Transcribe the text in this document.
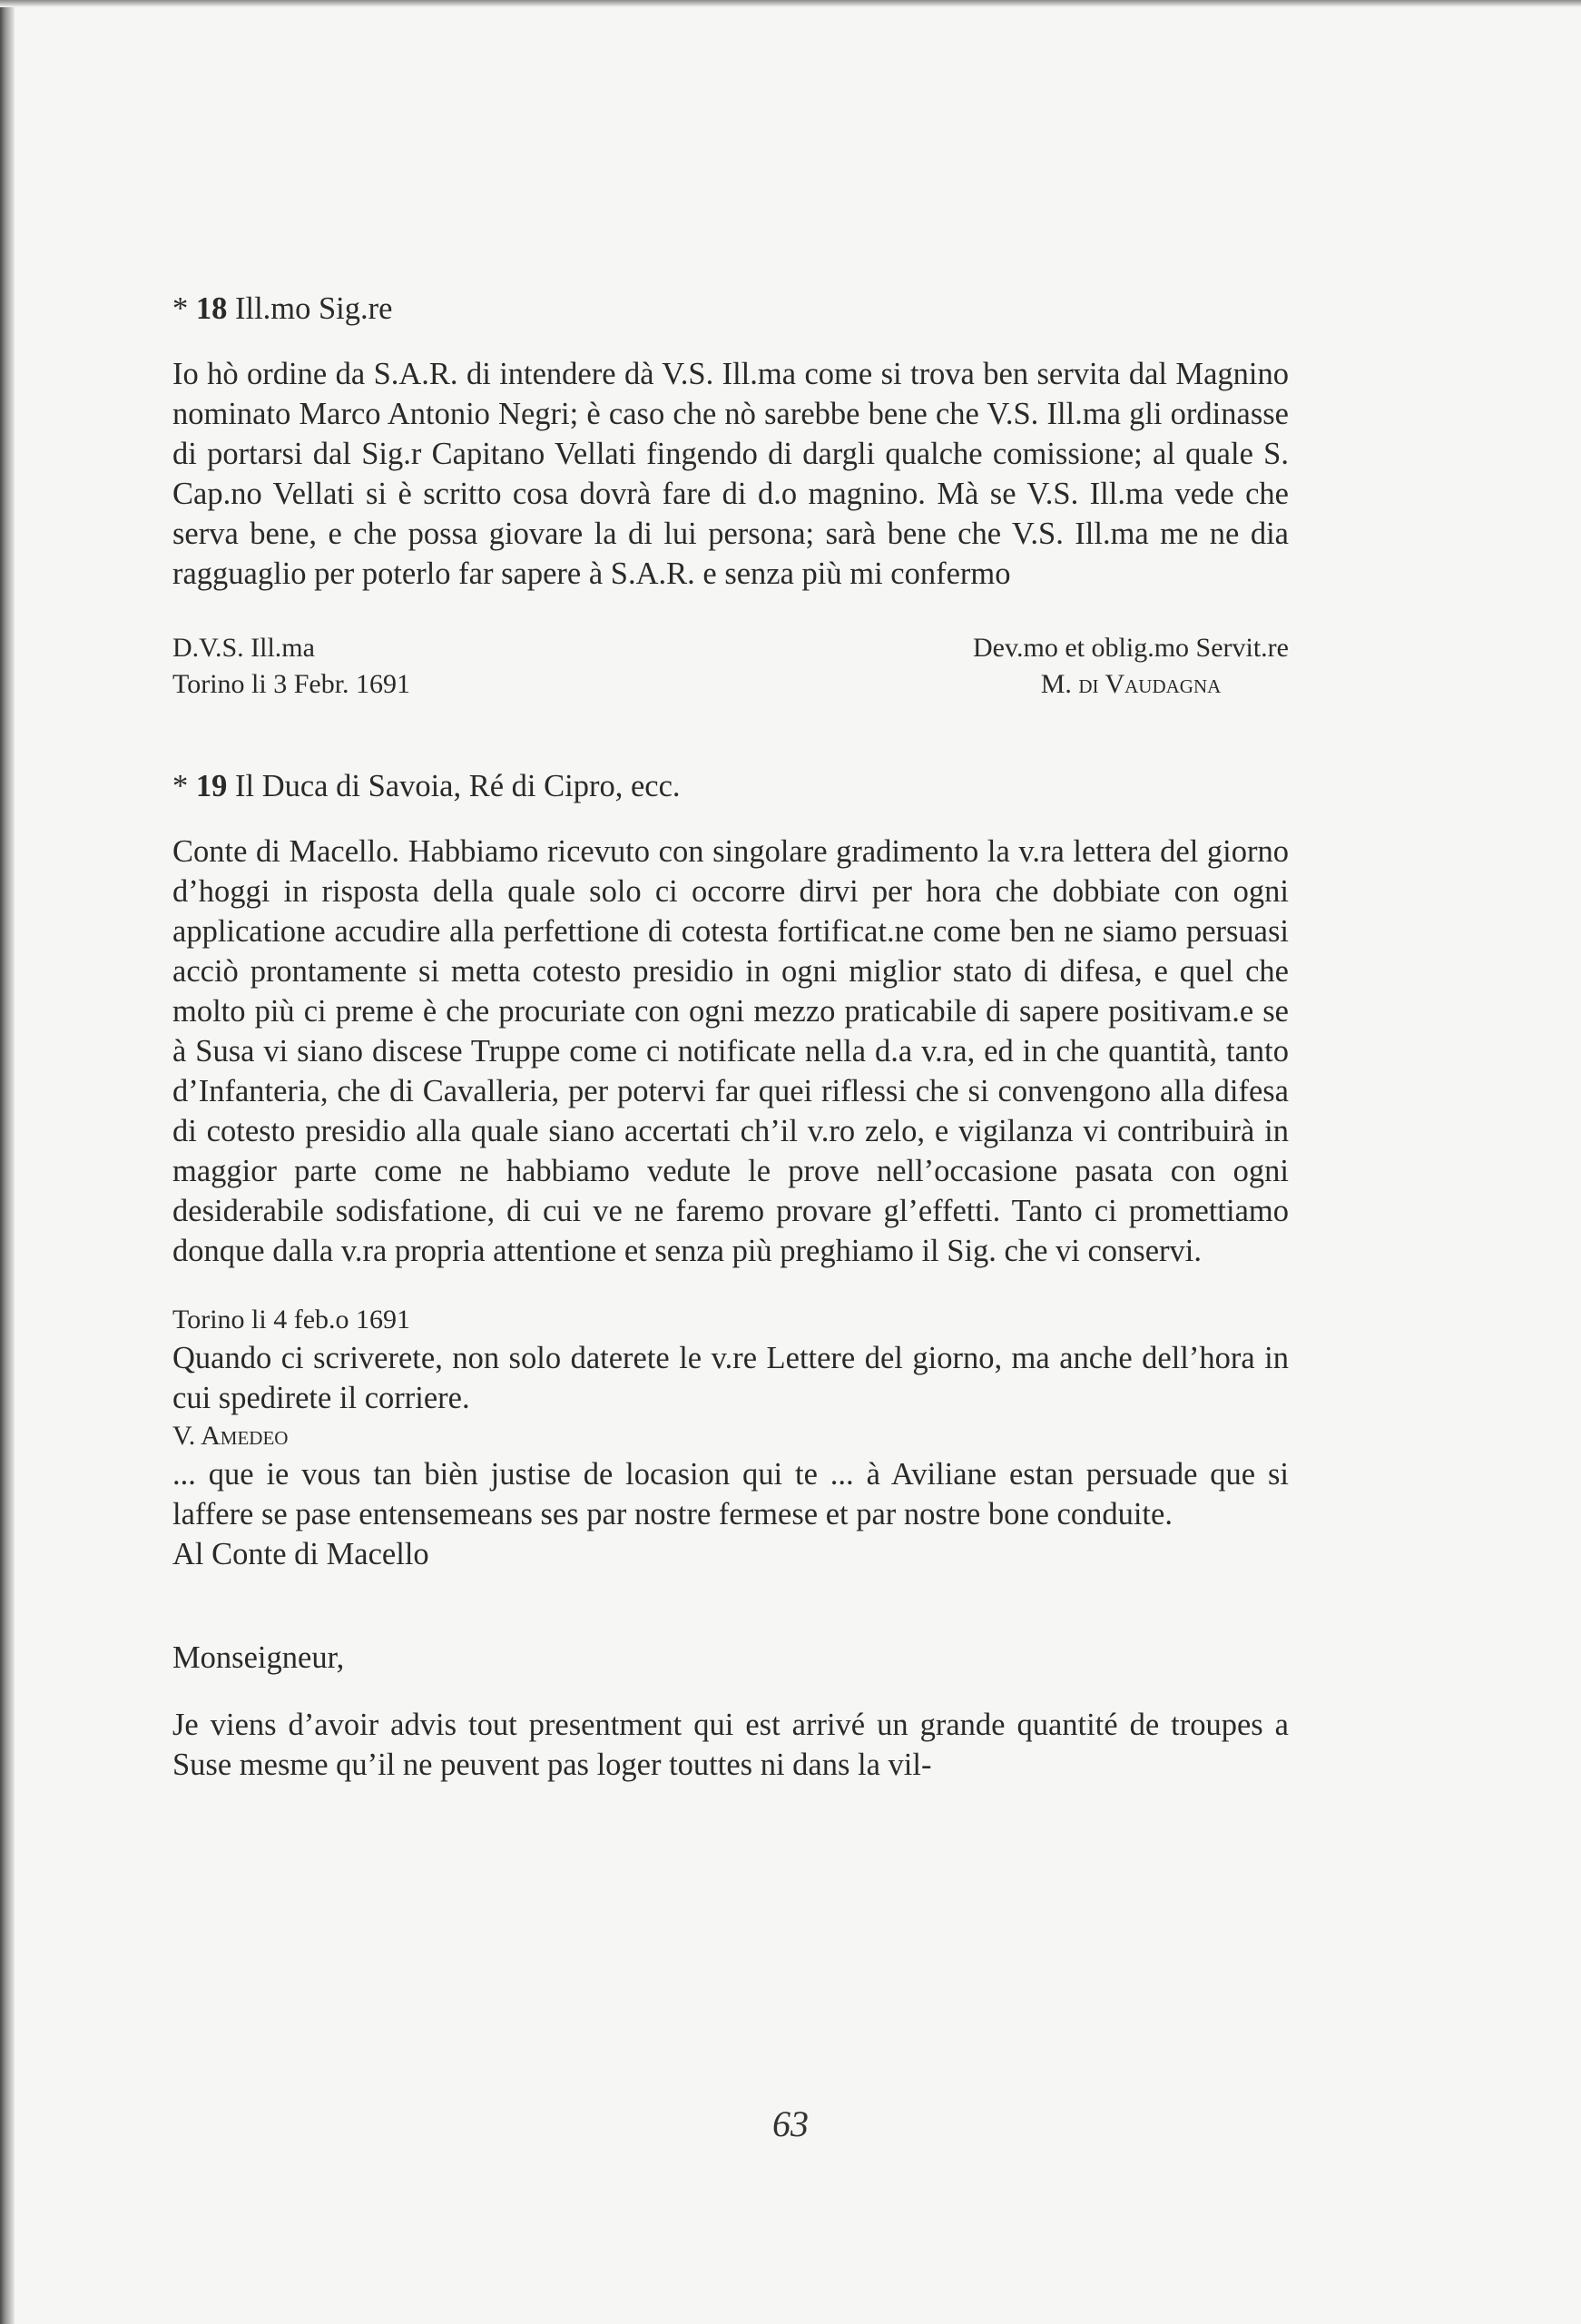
* 18 Ill.mo Sig.re

Io hò ordine da S.A.R. di intendere dà V.S. Ill.ma come si trova ben servita dal Magnino nominato Marco Antonio Negri; è caso che nò sarebbe bene che V.S. Ill.ma gli ordinasse di portarsi dal Sig.r Capitano Vellati fingendo di dargli qualche comissione; al quale S. Cap.no Vellati si è scritto cosa dovrà fare di d.o magnino. Mà se V.S. Ill.ma vede che serva bene, e che possa giovare la di lui persona; sarà bene che V.S. Ill.ma me ne dia ragguaglio per poterlo far sapere à S.A.R. e senza più mi confermo

D.V.S. Ill.ma
Torino li 3 Febr. 1691
Dev.mo et oblig.mo Servit.re
M. di Vaudagna

* 19 Il Duca di Savoia, Ré di Cipro, ecc.

Conte di Macello. Habbiamo ricevuto con singolare gradimento la v.ra lettera del giorno d’hoggi in risposta della quale solo ci occorre dirvi per hora che dobbiate con ogni applicatione accudire alla perfettione di cotesta fortificat.ne come ben ne siamo persuasi acciò prontamente si metta cotesto presidio in ogni miglior stato di difesa, e quel che molto più ci preme è che procuriate con ogni mezzo praticabile di sapere positivam.e se à Susa vi siano discese Truppe come ci notificate nella d.a v.ra, ed in che quantità, tanto d’Infanteria, che di Cavalleria, per potervi far quei riflessi che si convengono alla difesa di cotesto presidio alla quale siano accertati ch’il v.ro zelo, e vigilanza vi contribuirà in maggior parte come ne habbiamo vedute le prove nell’occasione pasata con ogni desiderabile sodisfatione, di cui ve ne faremo provare gl’effetti. Tanto ci promettiamo donque dalla v.ra propria attentione et senza più preghiamo il Sig. che vi conservi.

Torino li 4 feb.o 1691

Quando ci scriverete, non solo daterete le v.re Lettere del giorno, ma anche dell’hora in cui spedirete il corriere.

V. Amedeo

... que ie vous tan bièn justise de locasion qui te ... à Aviliane estan persuade que si laffere se pase entensemeans ses par nostre fermese et par nostre bone conduite.

Al Conte di Macello

Monseigneur,

Je viens d’avoir advis tout presentment qui est arrivé un grande quantité de troupes a Suse mesme qu’il ne peuvent pas loger touttes ni dans la vil-

63
